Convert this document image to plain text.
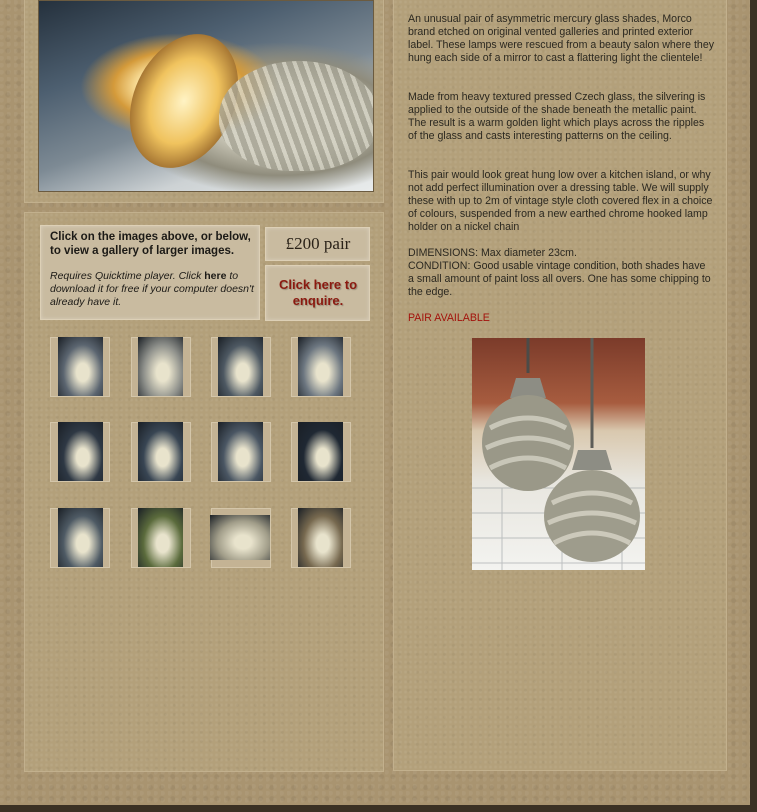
Click on the images above, or below, to view a gallery of larger images.
Requires Quicktime player. Click here to download it for free if your computer doesn't already have it.
£200 pair
Click here to enquire.

An unusual pair of asymmetric mercury glass shades, Morco brand etched on original vented galleries and printed exterior label. These lamps were rescued from a beauty salon where they hung each side of a mirror to cast a flattering light the clientele!

Made from heavy textured pressed Czech glass, the silvering is applied to the outside of the shade beneath the metallic paint. The result is a warm golden light which plays across the ripples of the glass and casts interesting patterns on the ceiling.

This pair would look great hung low over a kitchen island, or why not add perfect illumination over a dressing table. We will supply these with up to 2m of vintage style cloth covered flex in a choice of colours, suspended from a new earthed chrome hooked lamp holder on a nickel chain

DIMENSIONS: Max diameter 23cm.

CONDITION: Good usable vintage condition, both shades have a small amount of paint loss all overs. One has some chipping to the edge.

PAIR AVAILABLE
